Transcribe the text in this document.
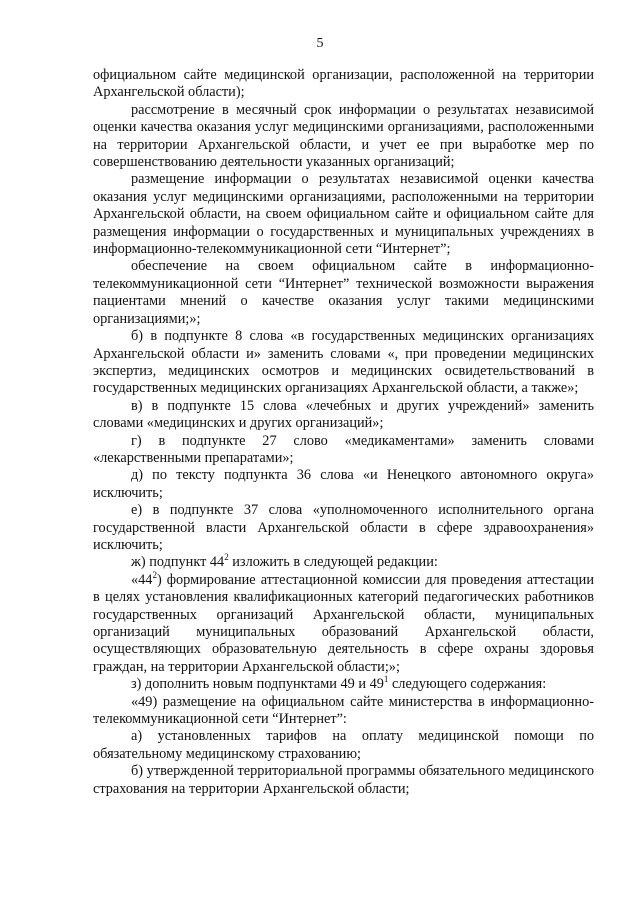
5

официальном сайте медицинской организации, расположенной на территории Архангельской области);

рассмотрение в месячный срок информации о результатах независимой оценки качества оказания услуг медицинскими организациями, расположенными на территории Архангельской области, и учет ее при выработке мер по совершенствованию деятельности указанных организаций;

размещение информации о результатах независимой оценки качества оказания услуг медицинскими организациями, расположенными на территории Архангельской области, на своем официальном сайте и официальном сайте для размещения информации о государственных и муниципальных учреждениях в информационно-телекоммуникационной сети “Интернет”;

обеспечение на своем официальном сайте в информационно-телекоммуникационной сети “Интернет” технической возможности выражения пациентами мнений о качестве оказания услуг такими медицинскими организациями;»;

б) в подпункте 8 слова «в государственных медицинских организациях Архангельской области и» заменить словами «, при проведении медицинских экспертиз, медицинских осмотров и медицинских освидетельствований в государственных медицинских организациях Архангельской области, а также»;

в) в подпункте 15 слова «лечебных и других учреждений» заменить словами «медицинских и других организаций»;

г) в подпункте 27 слово «медикаментами» заменить словами «лекарственными препаратами»;

д) по тексту подпункта 36 слова «и Ненецкого автономного округа» исключить;

е) в подпункте 37 слова «уполномоченного исполнительного органа государственной власти Архангельской области в сфере здравоохранения» исключить;

ж) подпункт $44^2$ изложить в следующей редакции:

«$44^2$) формирование аттестационной комиссии для проведения аттестации в целях установления квалификационных категорий педагогических работников государственных организаций Архангельской области, муниципальных организаций муниципальных образований Архангельской области, осуществляющих образовательную деятельность в сфере охраны здоровья граждан, на территории Архангельской области;»;

з) дополнить новым подпунктами 49 и $49^1$ следующего содержания:

«49) размещение на официальном сайте министерства в информационно-телекоммуникационной сети “Интернет”:

а) установленных тарифов на оплату медицинской помощи по обязательному медицинскому страхованию;

б) утвержденной территориальной программы обязательного медицинского страхования на территории Архангельской области;
